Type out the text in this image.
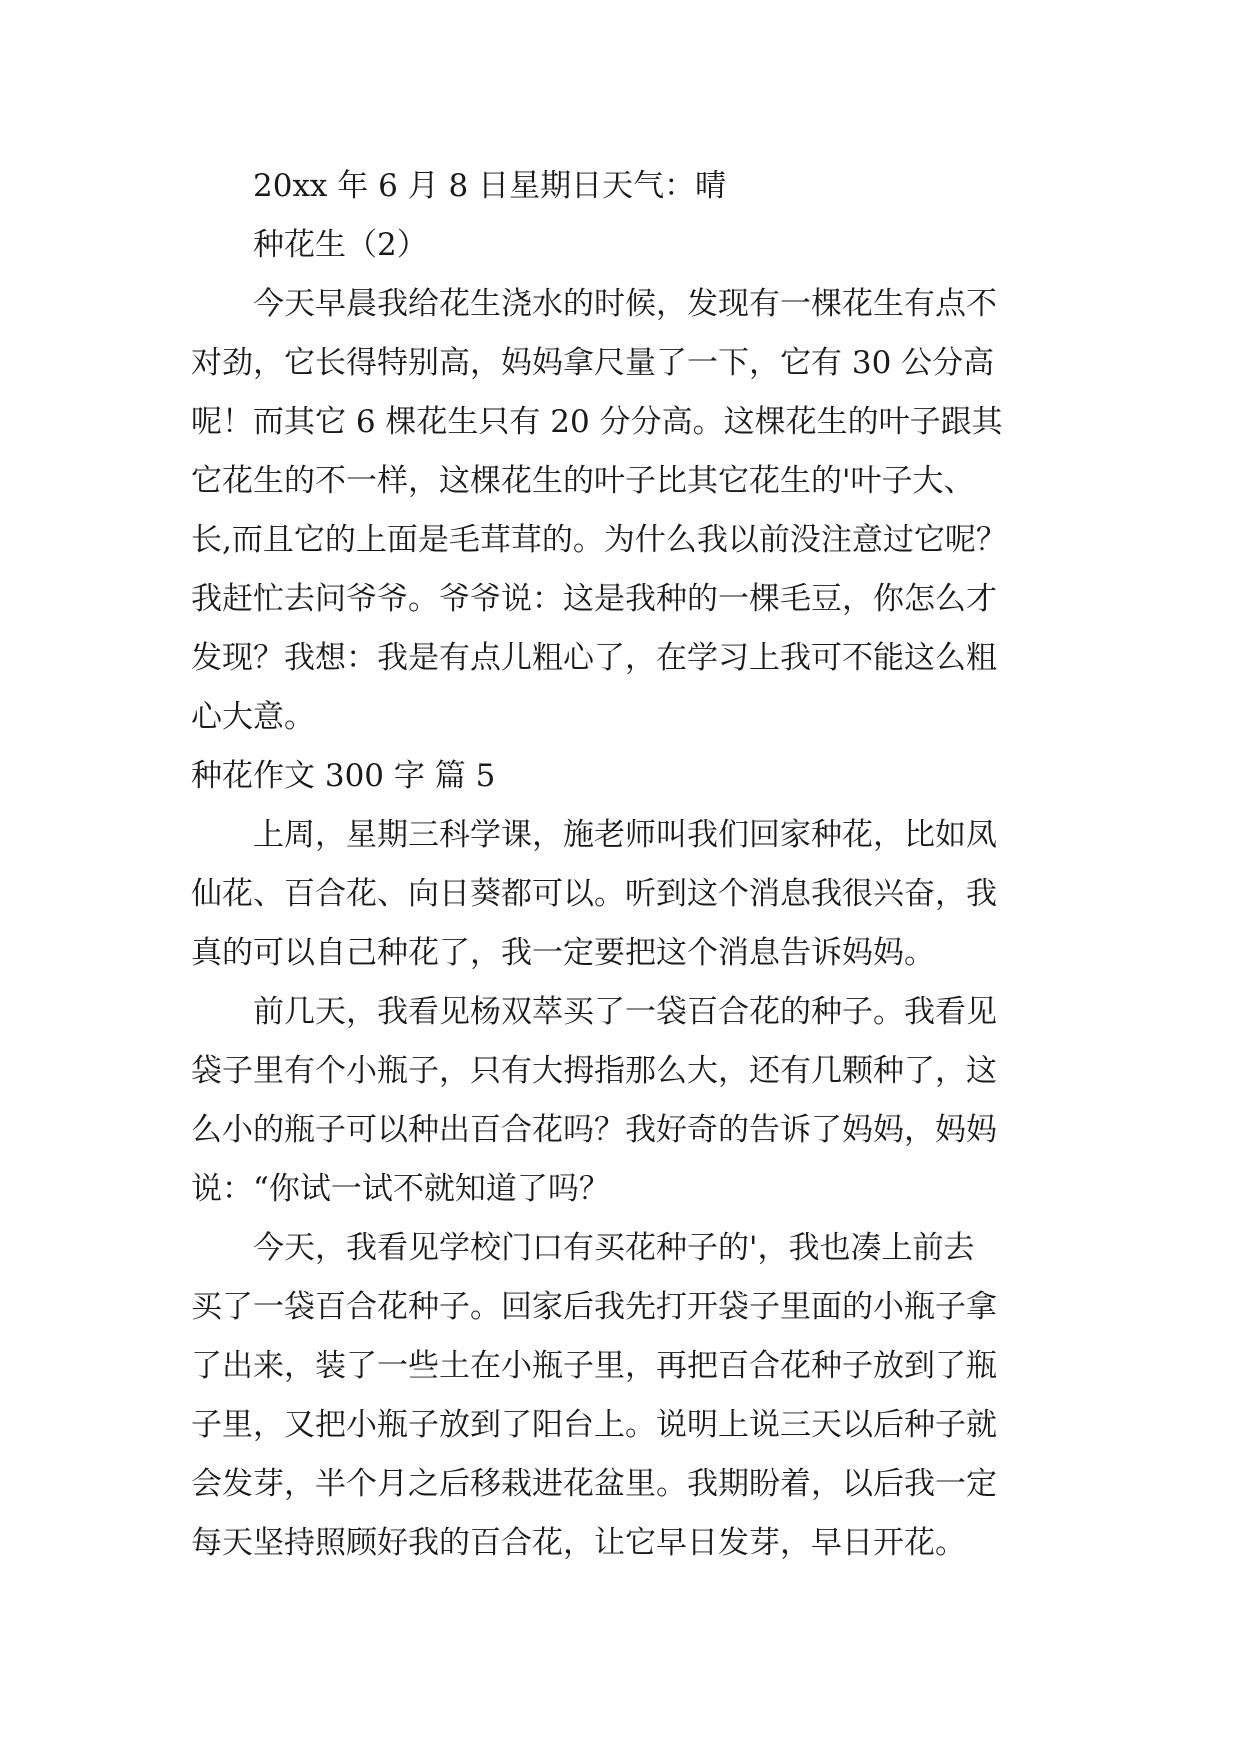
20xx 年 6 月 8 日星期日天气：晴

种花生（2）

今天早晨我给花生浇水的时候，发现有一棵花生有点不

对劲，它长得特别高，妈妈拿尺量了一下，它有 30 公分高

呢！而其它 6 棵花生只有 20 分分高。这棵花生的叶子跟其

它花生的不一样，这棵花生的叶子比其它花生的'叶子大、

长,而且它的上面是毛茸茸的。为什么我以前没注意过它呢？

我赶忙去问爷爷。爷爷说：这是我种的一棵毛豆，你怎么才

发现？我想：我是有点儿粗心了，在学习上我可不能这么粗

心大意。

种花作文 300 字 篇 5

上周，星期三科学课，施老师叫我们回家种花，比如凤

仙花、百合花、向日葵都可以。听到这个消息我很兴奋，我

真的可以自己种花了，我一定要把这个消息告诉妈妈。

前几天，我看见杨双萃买了一袋百合花的种子。我看见

袋子里有个小瓶子，只有大拇指那么大，还有几颗种了，这

么小的瓶子可以种出百合花吗？我好奇的告诉了妈妈，妈妈

说：“你试一试不就知道了吗？

今天，我看见学校门口有买花种子的'，我也凑上前去

买了一袋百合花种子。回家后我先打开袋子里面的小瓶子拿

了出来，装了一些土在小瓶子里，再把百合花种子放到了瓶

子里，又把小瓶子放到了阳台上。说明上说三天以后种子就

会发芽，半个月之后移栽进花盆里。我期盼着，以后我一定

每天坚持照顾好我的百合花，让它早日发芽，早日开花。
